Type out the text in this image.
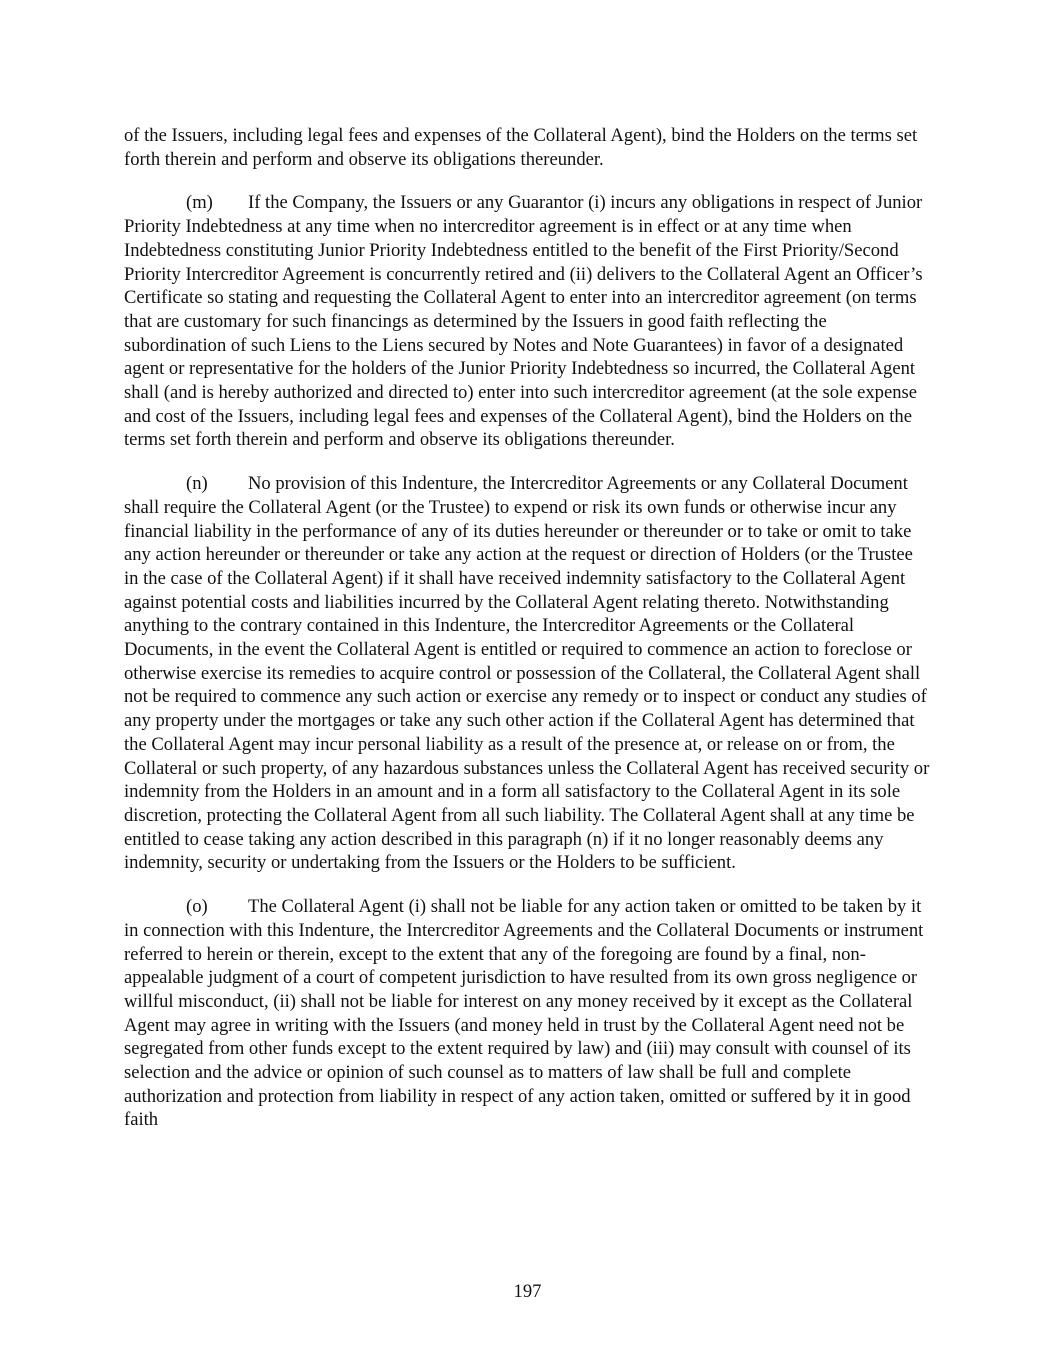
of the Issuers, including legal fees and expenses of the Collateral Agent), bind the Holders on the terms set forth therein and perform and observe its obligations thereunder.

(m) If the Company, the Issuers or any Guarantor (i) incurs any obligations in respect of Junior Priority Indebtedness at any time when no intercreditor agreement is in effect or at any time when Indebtedness constituting Junior Priority Indebtedness entitled to the benefit of the First Priority/Second Priority Intercreditor Agreement is concurrently retired and (ii) delivers to the Collateral Agent an Officer’s Certificate so stating and requesting the Collateral Agent to enter into an intercreditor agreement (on terms that are customary for such financings as determined by the Issuers in good faith reflecting the subordination of such Liens to the Liens secured by Notes and Note Guarantees) in favor of a designated agent or representative for the holders of the Junior Priority Indebtedness so incurred, the Collateral Agent shall (and is hereby authorized and directed to) enter into such intercreditor agreement (at the sole expense and cost of the Issuers, including legal fees and expenses of the Collateral Agent), bind the Holders on the terms set forth therein and perform and observe its obligations thereunder.

(n) No provision of this Indenture, the Intercreditor Agreements or any Collateral Document shall require the Collateral Agent (or the Trustee) to expend or risk its own funds or otherwise incur any financial liability in the performance of any of its duties hereunder or thereunder or to take or omit to take any action hereunder or thereunder or take any action at the request or direction of Holders (or the Trustee in the case of the Collateral Agent) if it shall have received indemnity satisfactory to the Collateral Agent against potential costs and liabilities incurred by the Collateral Agent relating thereto. Notwithstanding anything to the contrary contained in this Indenture, the Intercreditor Agreements or the Collateral Documents, in the event the Collateral Agent is entitled or required to commence an action to foreclose or otherwise exercise its remedies to acquire control or possession of the Collateral, the Collateral Agent shall not be required to commence any such action or exercise any remedy or to inspect or conduct any studies of any property under the mortgages or take any such other action if the Collateral Agent has determined that the Collateral Agent may incur personal liability as a result of the presence at, or release on or from, the Collateral or such property, of any hazardous substances unless the Collateral Agent has received security or indemnity from the Holders in an amount and in a form all satisfactory to the Collateral Agent in its sole discretion, protecting the Collateral Agent from all such liability. The Collateral Agent shall at any time be entitled to cease taking any action described in this paragraph (n) if it no longer reasonably deems any indemnity, security or undertaking from the Issuers or the Holders to be sufficient.

(o) The Collateral Agent (i) shall not be liable for any action taken or omitted to be taken by it in connection with this Indenture, the Intercreditor Agreements and the Collateral Documents or instrument referred to herein or therein, except to the extent that any of the foregoing are found by a final, non-appealable judgment of a court of competent jurisdiction to have resulted from its own gross negligence or willful misconduct, (ii) shall not be liable for interest on any money received by it except as the Collateral Agent may agree in writing with the Issuers (and money held in trust by the Collateral Agent need not be segregated from other funds except to the extent required by law) and (iii) may consult with counsel of its selection and the advice or opinion of such counsel as to matters of law shall be full and complete authorization and protection from liability in respect of any action taken, omitted or suffered by it in good faith

197
